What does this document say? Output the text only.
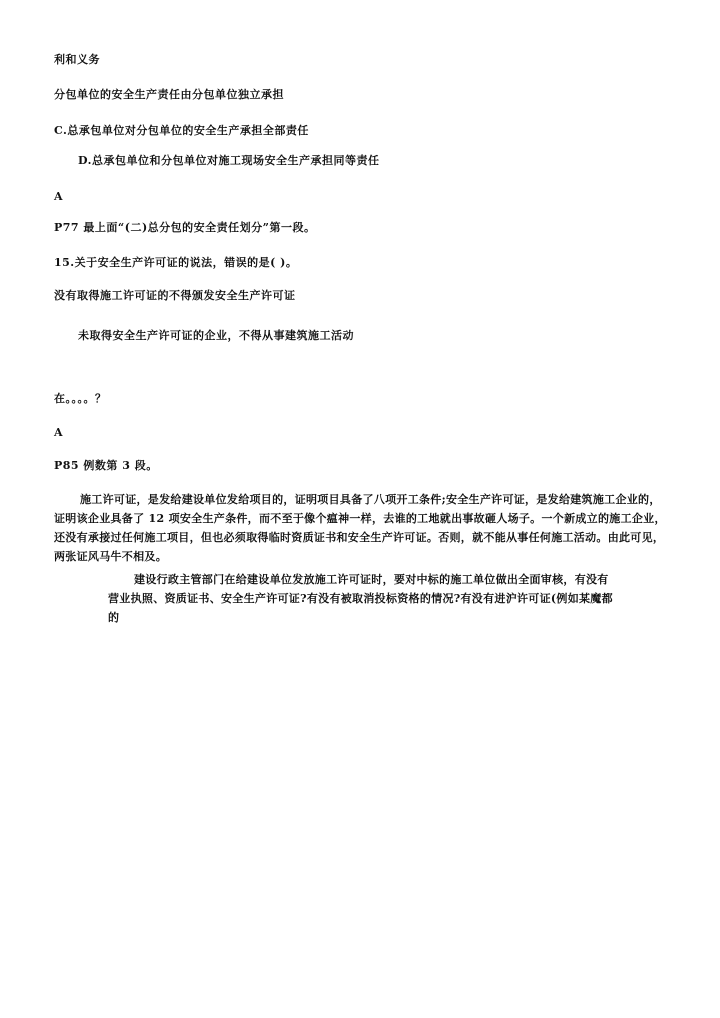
利和义务
分包单位的安全生产责任由分包单位独立承担
C.总承包单位对分包单位的安全生产承担全部责任
D.总承包单位和分包单位对施工现场安全生产承担同等责任
A
P77 最上面“(二)总分包的安全责任划分”第一段。
15.关于安全生产许可证的说法，错误的是( )。
没有取得施工许可证的不得颁发安全生产许可证
未取得安全生产许可证的企业，不得从事建筑施工活动
在。。。。？
A
P85 例数第 3 段。
施工许可证，是发给建设单位发给项目的，证明项目具备了八项开工条件;安全生产许可证，是发给建筑施工企业的，证明该企业具备了 12 项安全生产条件，而不至于像个瘟神一样，去谁的工地就出事故砸人场子。一个新成立的施工企业，还没有承接过任何施工项目，但也必须取得临时资质证书和安全生产许可证。否则，就不能从事任何施工活动。由此可见，两张证风马牛不相及。
建设行政主管部门在给建设单位发放施工许可证时，要对中标的施工单位做出全面审核，有没有营业执照、资质证书、安全生产许可证?有没有被取消投标资格的情况?有没有进沪许可证(例如某魔都的
